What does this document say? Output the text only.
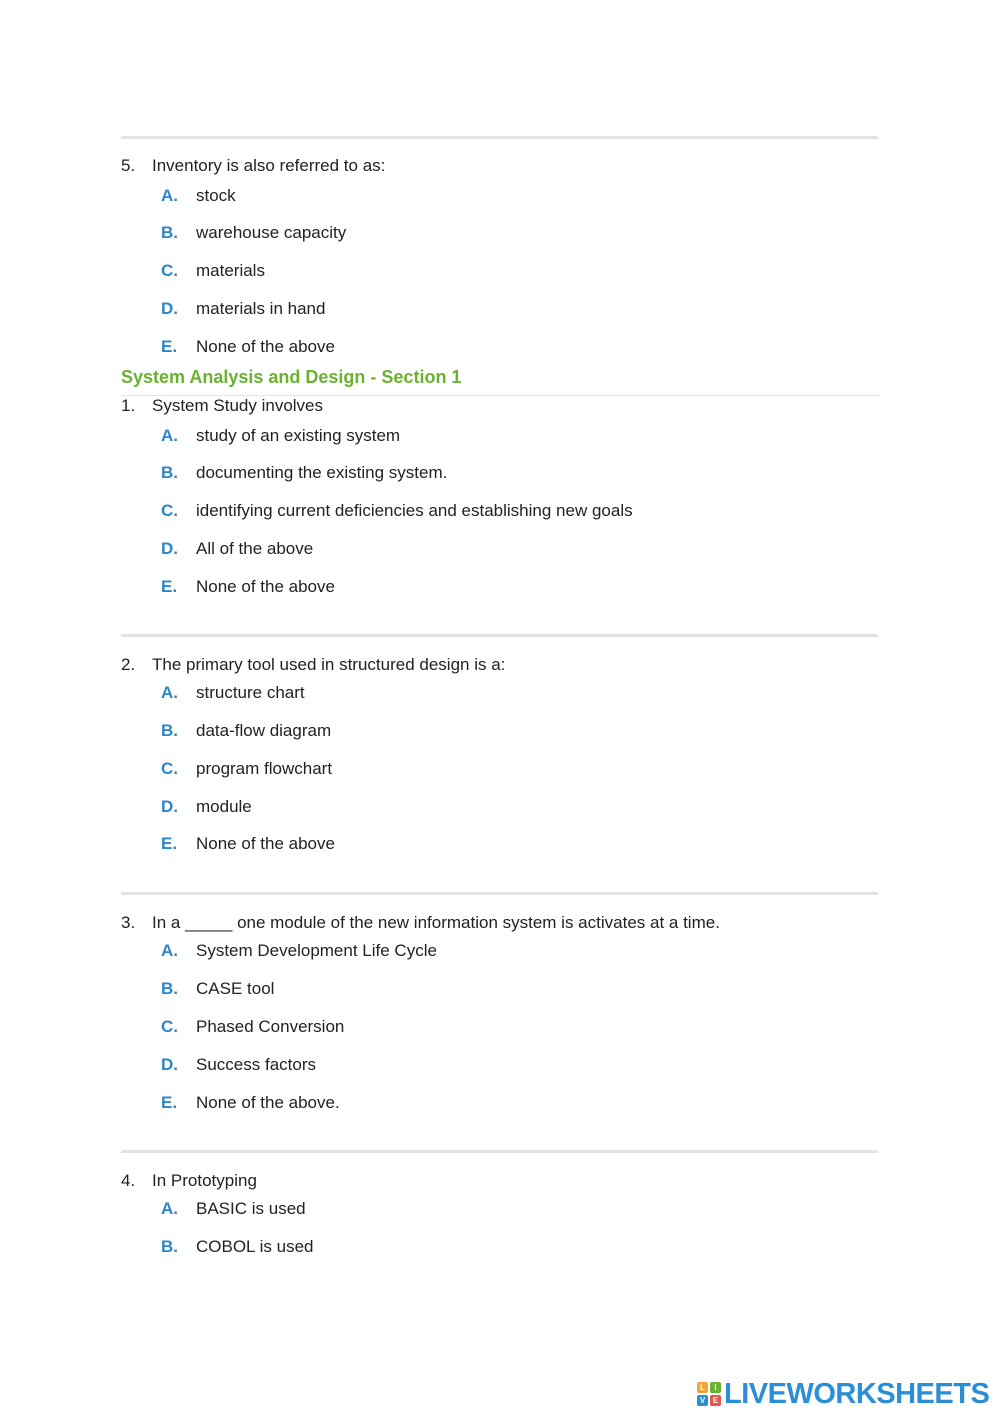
5. Inventory is also referred to as:
A. stock
B. warehouse capacity
C. materials
D. materials in hand
E. None of the above
System Analysis and Design - Section 1
1. System Study involves
A. study of an existing system
B. documenting the existing system.
C. identifying current deficiencies and establishing new goals
D. All of the above
E. None of the above
2. The primary tool used in structured design is a:
A. structure chart
B. data-flow diagram
C. program flowchart
D. module
E. None of the above
3. In a _____ one module of the new information system is activates at a time.
A. System Development Life Cycle
B. CASE tool
C. Phased Conversion
D. Success factors
E. None of the above.
4. In Prototyping
A. BASIC is used
B. COBOL is used
L	I
V E LIVEWORKSHEETS
